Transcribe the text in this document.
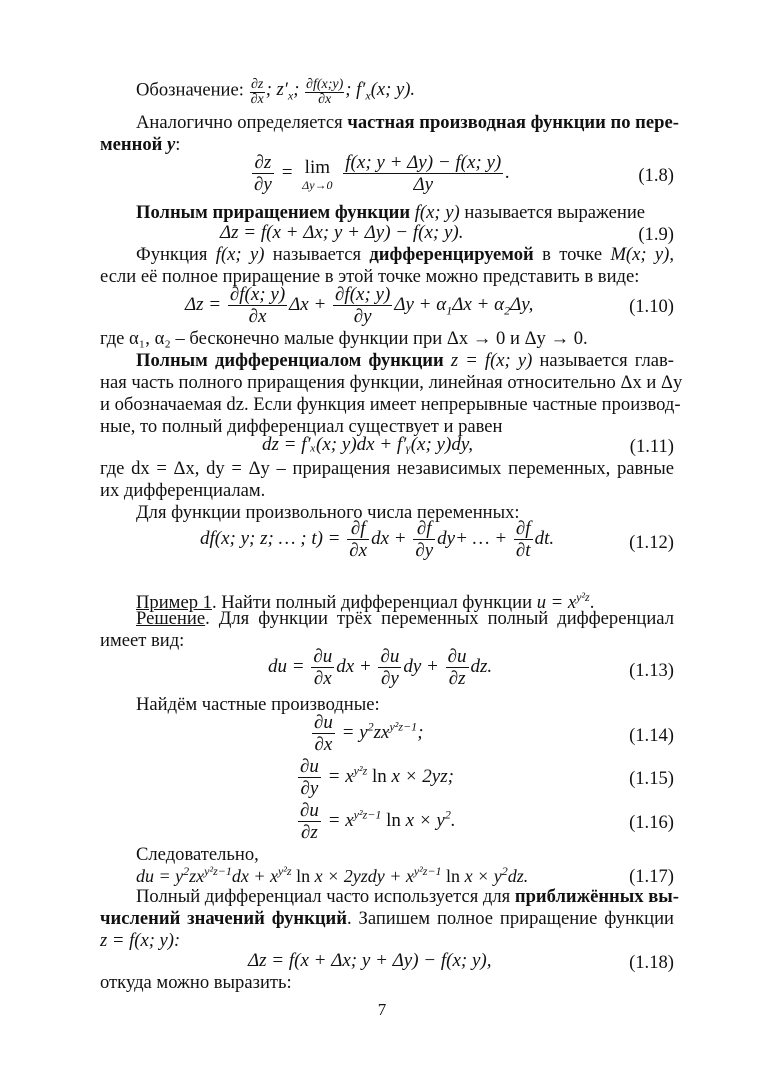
Обозначение: $\frac{\partial z}{\partial x}$ ; $z'_x$; $\frac{\partial f(x;y)}{\partial x}$ ; $f'_x(x$; y).
Аналогично определяется частная производная функции по пере-
менной y:
$\frac{\partial z}{\partial y} = \lim$
Δy→0
$\frac{f(x; y + \Delta y) - f(x; y)}{\Delta y}$ .	(1.8)
Полным приращением функции f(x; y) называется выражение
Δz = f(x + Δx; y + Δy) − f(x; y).	(1.9)
Функция f(x; y) называется дифференцируемой в точке M(x; y),
если её полное приращение в этой точке можно представить в виде:
$\Delta z = \frac{\partial f(x; y)}{\partial x}$ $\Delta x + \frac{\partial f(x; y)}{\partial y}$ $\Delta y + \alpha_1\Delta x + \alpha_2\Delta y$,	(1.10)
где α₁, α₂ – бесконечно малые функции при Δx → 0 и Δy → 0.
Полным дифференциалом функции z = f(x; y) называется глав-
ная часть полного приращения функции, линейная относительно Δx и Δy
и обозначаемая dz. Если функция имеет непрерывные частные производ-
ные, то полный дифференциал существует и равен
dz = f′ₓ(x; y)dx + f′ᵧ(x; y)dy,	(1.11)
где dx = Δx, dy = Δy – приращения независимых переменных, равные
их дифференциалам.
Для функции произвольного числа переменных:
df(x; y; z; … ; $t) = \frac{\partial f}{\partial x}$ dx + $\frac{\partial f}{\partial y} dy+$ … + $\frac{\partial f}{\partial t}$ dt.	(1.12)
Пример 1. Найти полный дифференциал функции $u = x^{y^2z}$.
Решение. Для функции трёх переменных полный дифференциал
имеет вид:
du = $\frac{\partial u}{\partial x}$ dx + $\frac{\partial u}{\partial y}$ dy + $\frac{\partial u}{\partial z}$ dz.	(1.13)
Найдём частные производные:
$\frac{\partial u}{\partial x} = y^2zx^{y^2z-1}$;	(1.14)
$\frac{\partial u}{\partial y} = x^{y^2z}$ ln x × 2yz;	(1.15)
$\frac{\partial u}{\partial z} = x^{y^2z-1}$ $\ln x \times y^2$.	(1.16)
Следовательно,
du = $y^2zx^{y^2z-1}dx + x^{y^2z}$ ln x × 2yzdy + $x^{y^2z-1}$ $\ln x \times y^2dz$.	(1.17)
Полный дифференциал часто используется для приближённых вы-
числений значений функций. Запишем полное приращение функции
z = f(x; y):
Δz = f(x + Δx; y + Δy) − f(x; y),	(1.18)
откуда можно выразить:
7
